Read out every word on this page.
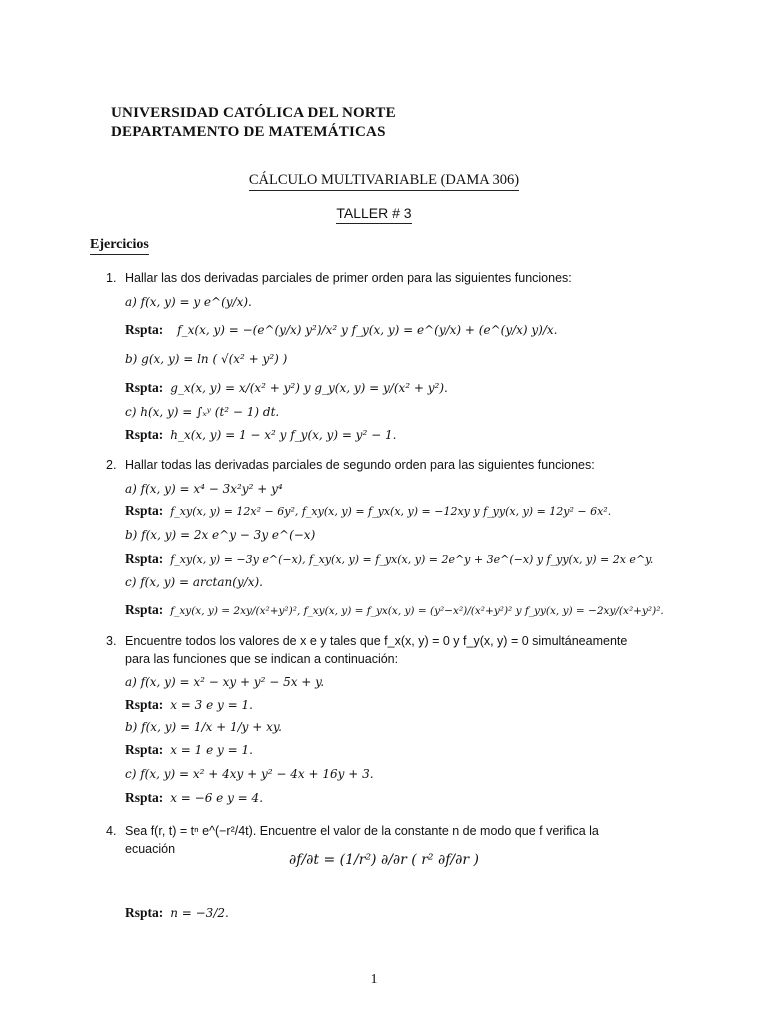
UNIVERSIDAD CATÓLICA DEL NORTE
DEPARTAMENTO DE MATEMÁTICAS
CÁLCULO MULTIVARIABLE (DAMA 306)
TALLER # 3
Ejercicios
1. Hallar las dos derivadas parciales de primer orden para las siguientes funciones:
a) f(x, y) = y e^(y/x).
Rspta: f_x(x, y) = −(e^(y/x) y²)/x² y f_y(x, y) = e^(y/x) + (e^(y/x) y)/x.
b) g(x, y) = ln ( √(x² + y²) )
Rspta: g_x(x, y) = x/(x² + y²) y g_y(x, y) = y/(x² + y²).
c) h(x, y) = ∫ₓʸ (t² − 1) dt.
Rspta: h_x(x, y) = 1 − x² y f_y(x, y) = y² − 1.
2. Hallar todas las derivadas parciales de segundo orden para las siguientes funciones:
a) f(x, y) = x⁴ − 3x²y² + y⁴
Rspta: f_xy(x, y) = 12x² − 6y², f_xy(x, y) = f_yx(x, y) = −12xy y f_yy(x, y) = 12y² − 6x².
b) f(x, y) = 2x e^y − 3y e^(−x)
Rspta: f_xy(x, y) = −3y e^(−x), f_xy(x, y) = f_yx(x, y) = 2e^y + 3e^(−x) y f_yy(x, y) = 2x e^y.
c) f(x, y) = arctan(y/x).
Rspta: f_xy(x, y) = 2xy/(x²+y²)², f_xy(x, y) = f_yx(x, y) = (y²−x²)/(x²+y²)² y f_yy(x, y) = −2xy/(x²+y²)².
3. Encuentre todos los valores de x e y tales que f_x(x, y) = 0 y f_y(x, y) = 0 simultáneamente
para las funciones que se indican a continuación:
a) f(x, y) = x² − xy + y² − 5x + y.
Rspta: x = 3 e y = 1.
b) f(x, y) = 1/x + 1/y + xy.
Rspta: x = 1 e y = 1.
c) f(x, y) = x² + 4xy + y² − 4x + 16y + 3.
Rspta: x = −6 e y = 4.
4. Sea f(r, t) = tⁿ e^(−r²/4t). Encuentre el valor de la constante n de modo que f verifica la
ecuación
∂f/∂t = (1/r²) ∂/∂r ( r² ∂f/∂r )
Rspta: n = −3/2.
1
